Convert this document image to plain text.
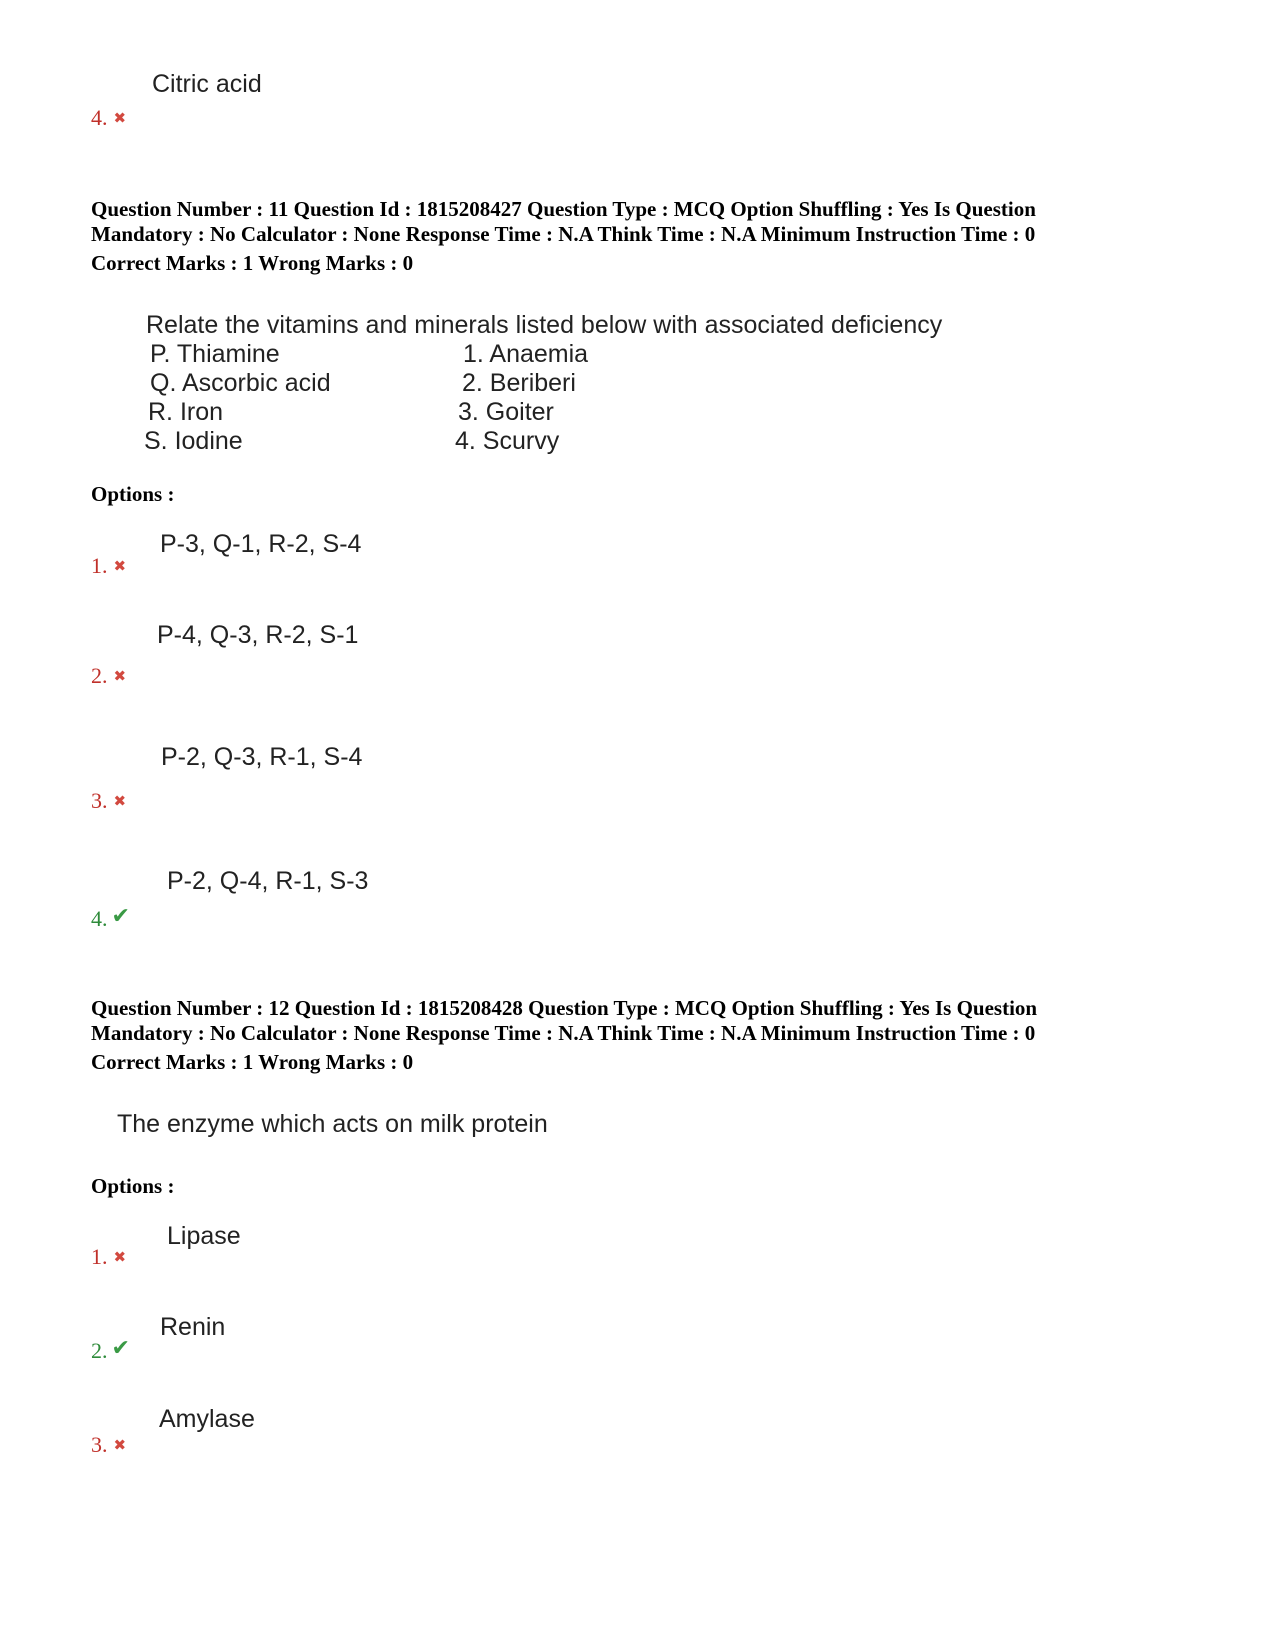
Citric acid
4. ✖
Question Number : 11 Question Id : 1815208427 Question Type : MCQ Option Shuffling : Yes Is Question
Mandatory : No Calculator : None Response Time : N.A Think Time : N.A Minimum Instruction Time : 0
Correct Marks : 1 Wrong Marks : 0
Relate the vitamins and minerals listed below with associated deficiency
P. Thiamine
Q. Ascorbic acid
R. Iron
S. Iodine
1. Anaemia
2. Beriberi
3. Goiter
4. Scurvy
Options :
P-3, Q-1, R-2, S-4
1. ✖
P-4, Q-3, R-2, S-1
2. ✖
P-2, Q-3, R-1, S-4
3. ✖
P-2, Q-4, R-1, S-3
4. ✔
Question Number : 12 Question Id : 1815208428 Question Type : MCQ Option Shuffling : Yes Is Question
Mandatory : No Calculator : None Response Time : N.A Think Time : N.A Minimum Instruction Time : 0
Correct Marks : 1 Wrong Marks : 0
The enzyme which acts on milk protein
Options :
Lipase
1. ✖
Renin
2. ✔
Amylase
3. ✖
